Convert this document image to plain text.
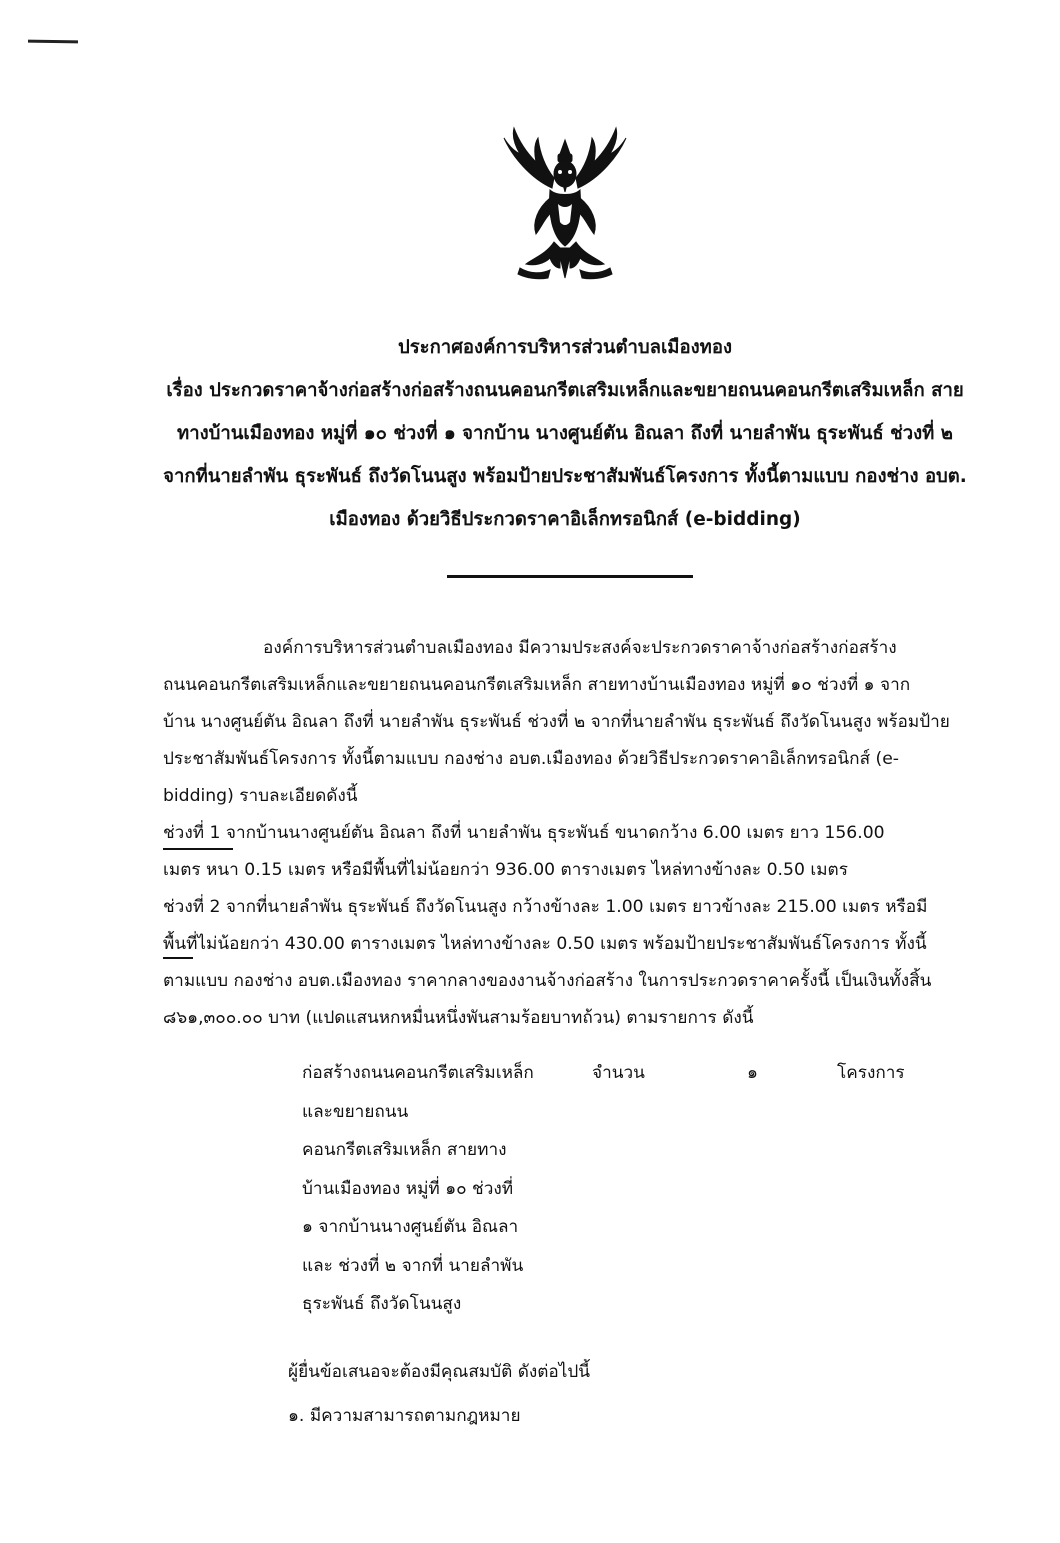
ประกาศองค์การบริหารส่วนตำบลเมืองทอง
เรื่อง ประกวดราคาจ้างก่อสร้างก่อสร้างถนนคอนกรีตเสริมเหล็กและขยายถนนคอนกรีตเสริมเหล็ก สาย
ทางบ้านเมืองทอง หมู่ที่ ๑๐ ช่วงที่ ๑ จากบ้าน นางศูนย์ตัน อิณลา ถึงที่ นายลำพัน ธุระพันธ์ ช่วงที่ ๒
จากที่นายลำพัน ธุระพันธ์ ถึงวัดโนนสูง พร้อมป้ายประชาสัมพันธ์โครงการ ทั้งนี้ตามแบบ กองช่าง อบต.
เมืองทอง ด้วยวิธีประกวดราคาอิเล็กทรอนิกส์ (e-bidding)
องค์การบริหารส่วนตำบลเมืองทอง มีความประสงค์จะประกวดราคาจ้างก่อสร้างก่อสร้าง
ถนนคอนกรีตเสริมเหล็กและขยายถนนคอนกรีตเสริมเหล็ก สายทางบ้านเมืองทอง หมู่ที่ ๑๐ ช่วงที่ ๑ จาก
บ้าน นางศูนย์ตัน อิณลา ถึงที่ นายลำพัน ธุระพันธ์ ช่วงที่ ๒ จากที่นายลำพัน ธุระพันธ์ ถึงวัดโนนสูง พร้อมป้าย
ประชาสัมพันธ์โครงการ ทั้งนี้ตามแบบ กองช่าง อบต.เมืองทอง ด้วยวิธีประกวดราคาอิเล็กทรอนิกส์ (e-
bidding) ราบละเอียดดังนี้
ช่วงที่ 1 จากบ้านนางศูนย์ตัน อิณลา ถึงที่ นายลำพัน ธุระพันธ์ ขนาดกว้าง 6.00 เมตร ยาว 156.00
เมตร หนา 0.15 เมตร หรือมีพื้นที่ไม่น้อยกว่า 936.00 ตารางเมตร ไหล่ทางข้างละ 0.50 เมตร
ช่วงที่ 2 จากที่นายลำพัน ธุระพันธ์ ถึงวัดโนนสูง กว้างข้างละ 1.00 เมตร ยาวข้างละ 215.00 เมตร หรือมี
พื้นที่ไม่น้อยกว่า 430.00 ตารางเมตร ไหล่ทางข้างละ 0.50 เมตร พร้อมป้ายประชาสัมพันธ์โครงการ ทั้งนี้
ตามแบบ กองช่าง อบต.เมืองทอง ราคากลางของงานจ้างก่อสร้าง ในการประกวดราคาครั้งนี้ เป็นเงินทั้งสิ้น
๘๖๑,๓๐๐.๐๐ บาท (แปดแสนหกหมื่นหนึ่งพันสามร้อยบาทถ้วน) ตามรายการ ดังนี้
ก่อสร้างถนนคอนกรีตเสริมเหล็ก	จำนวน	๑	โครงการ
และขยายถนน
คอนกรีตเสริมเหล็ก สายทาง
บ้านเมืองทอง หมู่ที่ ๑๐ ช่วงที่
๑ จากบ้านนางศูนย์ตัน อิณลา
และ ช่วงที่ ๒ จากที่ นายลำพัน
ธุระพันธ์ ถึงวัดโนนสูง
ผู้ยื่นข้อเสนอจะต้องมีคุณสมบัติ ดังต่อไปนี้
๑. มีความสามารถตามกฎหมาย
